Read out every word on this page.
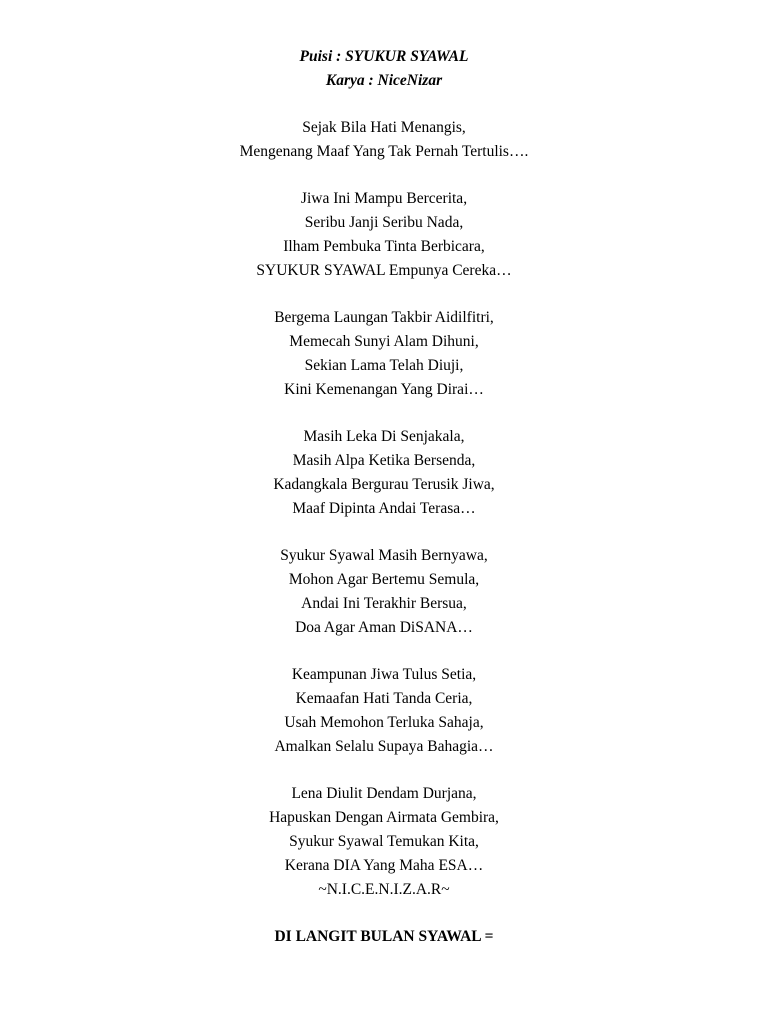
Puisi : SYUKUR SYAWAL
Karya : NiceNizar
Sejak Bila Hati Menangis,
Mengenang Maaf Yang Tak Pernah Tertulis….
Jiwa Ini Mampu Bercerita,
Seribu Janji Seribu Nada,
Ilham Pembuka Tinta Berbicara,
SYUKUR SYAWAL Empunya Cereka…
Bergema Laungan Takbir Aidilfitri,
Memecah Sunyi Alam Dihuni,
Sekian Lama Telah Diuji,
Kini Kemenangan Yang Dirai…
Masih Leka Di Senjakala,
Masih Alpa Ketika Bersenda,
Kadangkala Bergurau Terusik Jiwa,
Maaf Dipinta Andai Terasa…
Syukur Syawal Masih Bernyawa,
Mohon Agar Bertemu Semula,
Andai Ini Terakhir Bersua,
Doa Agar Aman DiSANA…
Keampunan Jiwa Tulus Setia,
Kemaafan Hati Tanda Ceria,
Usah Memohon Terluka Sahaja,
Amalkan Selalu Supaya Bahagia…
Lena Diulit Dendam Durjana,
Hapuskan Dengan Airmata Gembira,
Syukur Syawal Temukan Kita,
Kerana DIA Yang Maha ESA…
~N.I.C.E.N.I.Z.A.R~
DI LANGIT BULAN SYAWAL =
